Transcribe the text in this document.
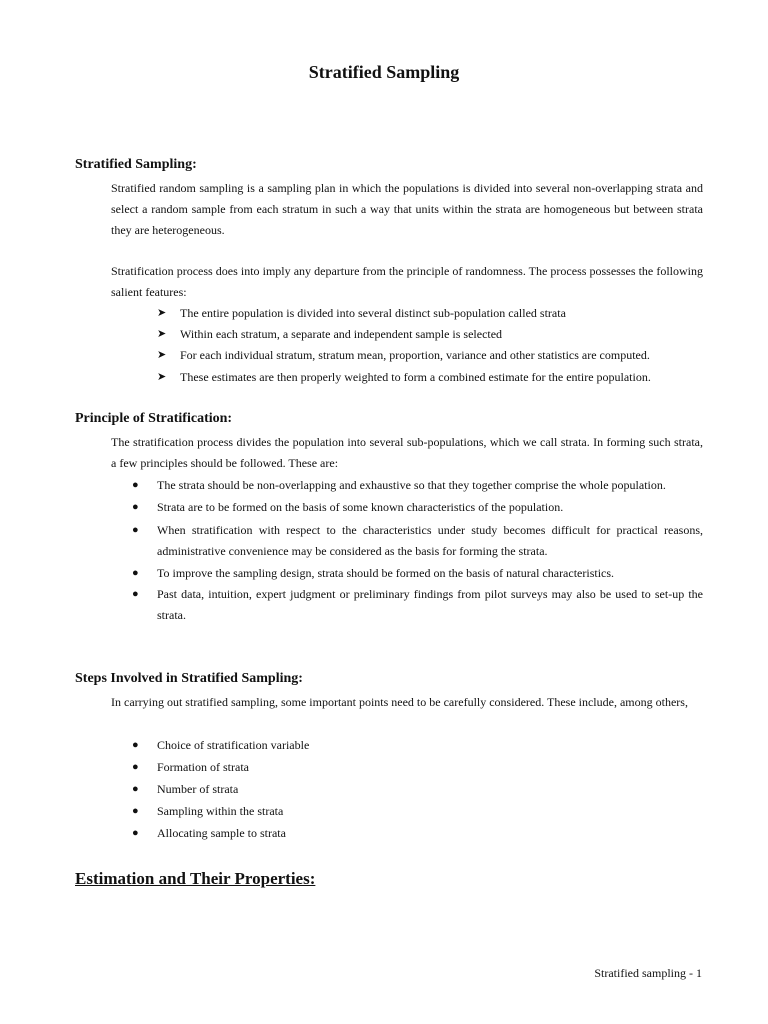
Stratified Sampling
Stratified Sampling:
Stratified random sampling is a sampling plan in which the populations is divided into several non-overlapping strata and select a random sample from each stratum in such a way that units within the strata are homogeneous but between strata they are heterogeneous.
Stratification process does into imply any departure from the principle of randomness. The process possesses the following salient features:
➤ The entire population is divided into several distinct sub-population called strata
➤ Within each stratum, a separate and independent sample is selected
➤ For each individual stratum, stratum mean, proportion, variance and other statistics are computed.
➤ These estimates are then properly weighted to form a combined estimate for the entire population.
Principle of Stratification:
The stratification process divides the population into several sub-populations, which we call strata. In forming such strata, a few principles should be followed. These are:
● The strata should be non-overlapping and exhaustive so that they together comprise the whole population.
● Strata are to be formed on the basis of some known characteristics of the population.
● When stratification with respect to the characteristics under study becomes difficult for practical reasons, administrative convenience may be considered as the basis for forming the strata.
● To improve the sampling design, strata should be formed on the basis of natural characteristics.
● Past data, intuition, expert judgment or preliminary findings from pilot surveys may also be used to set-up the strata.
Steps Involved in Stratified Sampling:
In carrying out stratified sampling, some important points need to be carefully considered. These include, among others,
● Choice of stratification variable
● Formation of strata
● Number of strata
● Sampling within the strata
● Allocating sample to strata
Estimation and Their Properties:
Stratified sampling - 1
